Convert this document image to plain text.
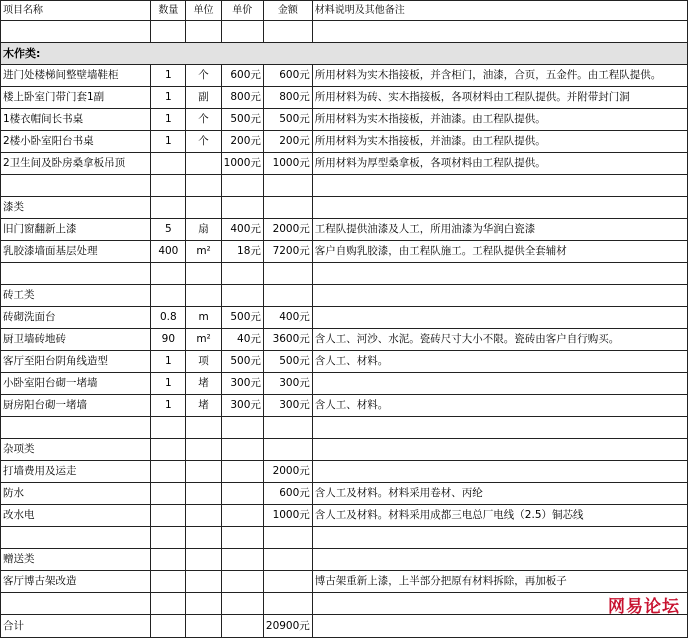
项目名称	数量	单位	单价	金额	材料说明及其他备注

木作类:					
进门处楼梯间整壁墙鞋柜	1	个	600元	600元	所用材料为实木指接板，并含柜门，油漆，合页，五金件。由工程队提供。
楼上卧室门带门套1副	1	副	800元	800元	所用材料为砖、实木指接板，各项材料由工程队提供。并附带封门洞
1楼衣帽间长书桌	1	个	500元	500元	所用材料为实木指接板，并油漆。由工程队提供。
2楼小卧室阳台书桌	1	个	200元	200元	所用材料为实木指接板，并油漆。由工程队提供。
2卫生间及卧房桑拿板吊顶			1000元	1000元	所用材料为厚型桑拿板，各项材料由工程队提供。

漆类					
旧门窗翻新上漆	5	扇	400元	2000元	工程队提供油漆及人工，所用油漆为华润白瓷漆
乳胶漆墙面基层处理	400	m²	18元	7200元	客户自购乳胶漆，由工程队施工。工程队提供全套辅材

砖工类					
砖砌洗面台	0.8	m	500元	400元	
厨卫墙砖地砖	90	m²	40元	3600元	含人工、河沙、水泥。瓷砖尺寸大小不限。瓷砖由客户自行购买。
客厅至阳台阴角线造型	1	项	500元	500元	含人工、材料。
小卧室阳台砌一堵墙	1	堵	300元	300元	
厨房阳台砌一堵墙	1	堵	300元	300元	含人工、材料。

杂项类					
打墙费用及运走				2000元	
防水				600元	含人工及材料。材料采用卷材、丙纶
改水电				1000元	含人工及材料。材料采用成都三电总厂电线（2.5）铜芯线

赠送类					
客厅博古架改造					博古架重新上漆，上半部分把原有材料拆除，再加板子

合计				20900元	
网易论坛
